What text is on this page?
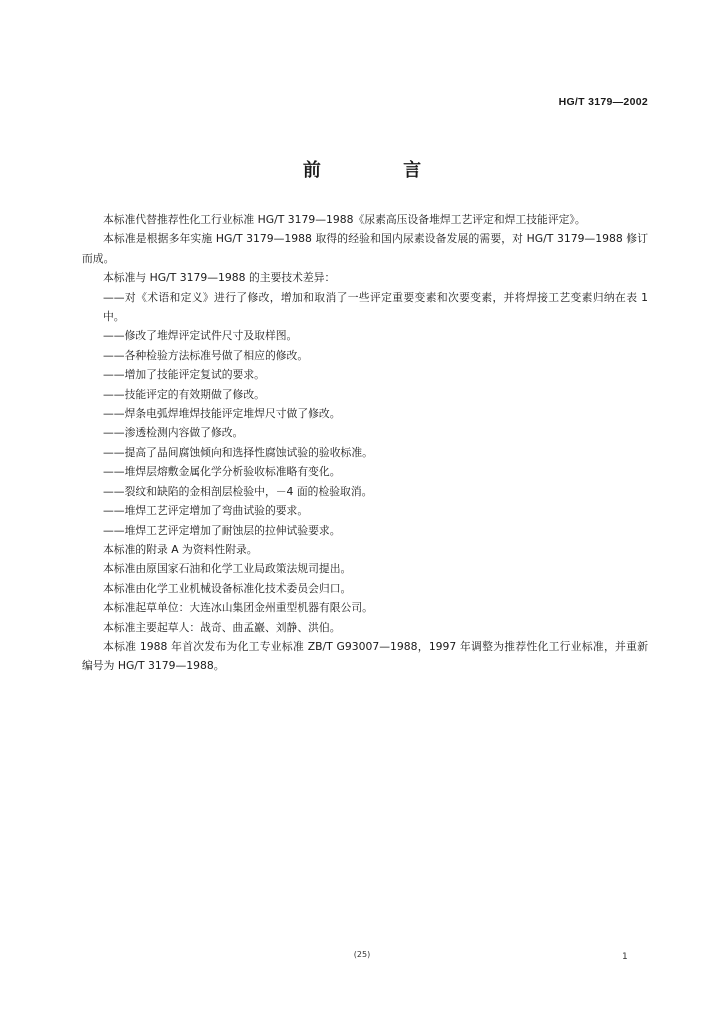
HG/T 3179—2002
前 言

本标准代替推荐性化工行业标准 HG/T 3179—1988《尿素高压设备堆焊工艺评定和焊工技能评定》。

本标准是根据多年实施 HG/T 3179—1988 取得的经验和国内尿素设备发展的需要，对 HG/T 3179—1988 修订而成。

本标准与 HG/T 3179—1988 的主要技术差异：

——对《术语和定义》进行了修改，增加和取消了一些评定重要变素和次要变素，并将焊接工艺变素归纳在表 1 中。

——修改了堆焊评定试件尺寸及取样图。

——各种检验方法标准号做了相应的修改。

——增加了技能评定复试的要求。

——技能评定的有效期做了修改。

——焊条电弧焊堆焊技能评定堆焊尺寸做了修改。

——渗透检测内容做了修改。

——提高了晶间腐蚀倾向和选择性腐蚀试验的验收标准。

——堆焊层熔敷金属化学分析验收标准略有变化。

——裂纹和缺陷的金相剖层检验中，－4 面的检验取消。

——堆焊工艺评定增加了弯曲试验的要求。

——堆焊工艺评定增加了耐蚀层的拉伸试验要求。

本标准的附录 A 为资料性附录。

本标准由原国家石油和化学工业局政策法规司提出。

本标准由化学工业机械设备标准化技术委员会归口。

本标准起草单位：大连冰山集团金州重型机器有限公司。

本标准主要起草人：战奇、曲孟巖、刘静、洪伯。

本标准 1988 年首次发布为化工专业标准 ZB/T G93007—1988，1997 年调整为推荐性化工行业标准，并重新编号为 HG/T 3179—1988。

(25)	1
